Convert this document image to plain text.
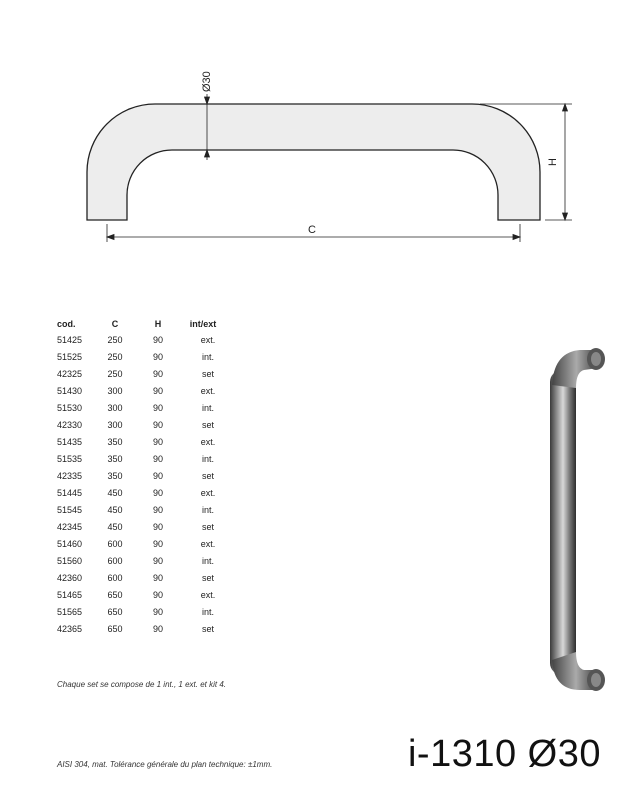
Ø30
H
C
cod.	C	H	int/ext
51425	250	90	ext.
51525	250	90	int.
42325	250	90	set
51430	300	90	ext.
51530	300	90	int.
42330	300	90	set
51435	350	90	ext.
51535	350	90	int.
42335	350	90	set
51445	450	90	ext.
51545	450	90	int.
42345	450	90	set
51460	600	90	ext.
51560	600	90	int.
42360	600	90	set
51465	650	90	ext.
51565	650	90	int.
42365	650	90	set
Chaque set se compose de 1 int., 1 ext. et kit 4.
AISI 304, mat. Tolérance générale du plan technique: ±1mm.	i-1310 Ø30
